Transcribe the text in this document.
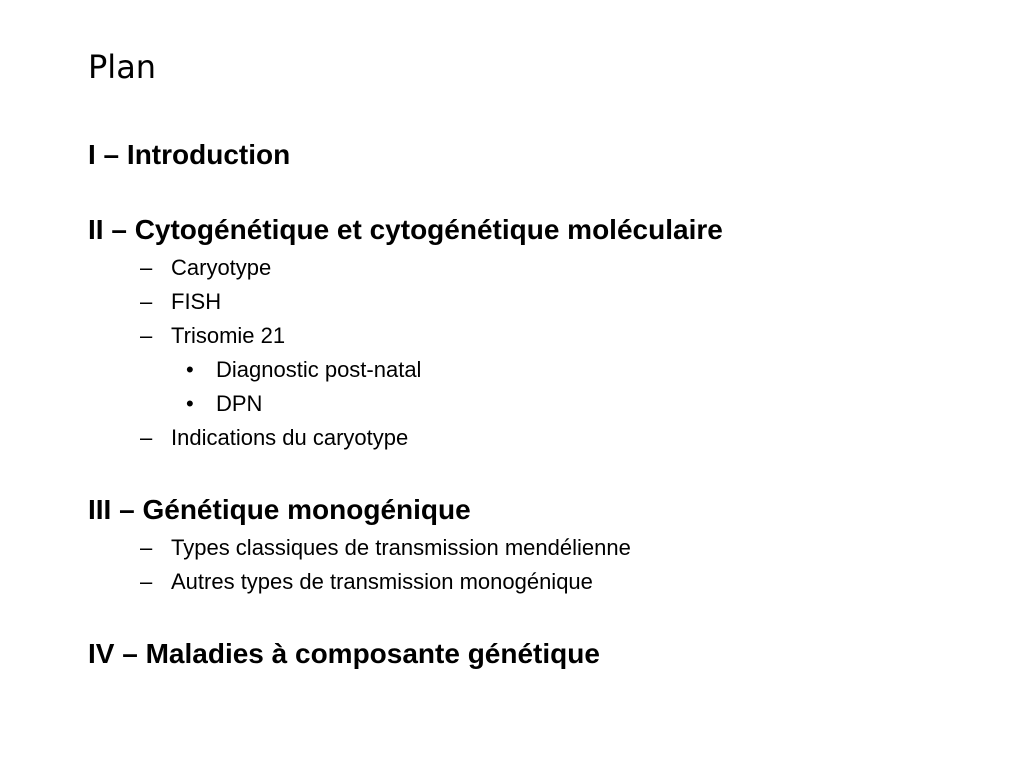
Plan
I – Introduction
II – Cytogénétique et cytogénétique moléculaire
– Caryotype
– FISH
– Trisomie 21
• Diagnostic post-natal
• DPN
– Indications du caryotype
III – Génétique monogénique
– Types classiques de transmission mendélienne
– Autres types de transmission monogénique
IV – Maladies à composante génétique
